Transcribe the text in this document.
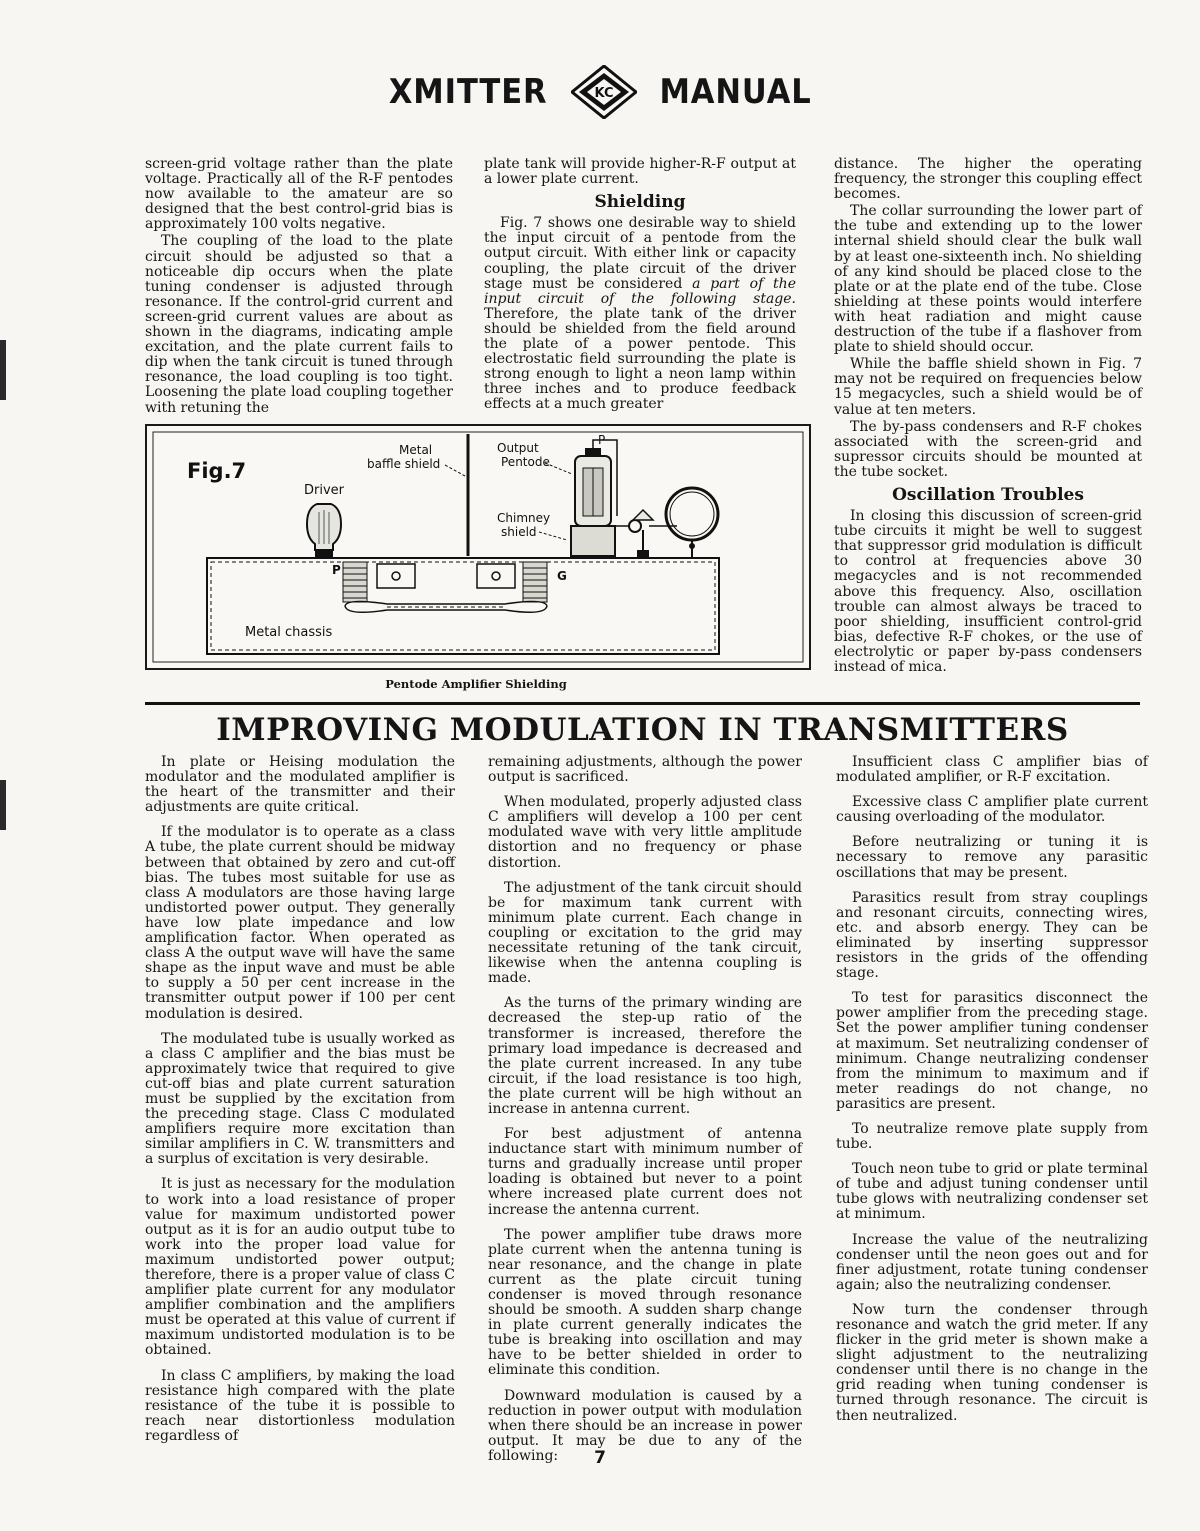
XMITTER	KC MANUAL

screen-grid voltage rather than the plate voltage. Practically all of the R-F pentodes now available to the amateur are so designed that the best control-grid bias is approximately 100 volts negative.

The coupling of the load to the plate circuit should be adjusted so that a noticeable dip occurs when the plate tuning condenser is adjusted through resonance. If the control-grid current and screen-grid current values are about as shown in the diagrams, indicating ample excitation, and the plate current fails to dip when the tank circuit is tuned through resonance, the load coupling is too tight. Loosening the plate load coupling together with retuning the

plate tank will provide higher-R-F output at a lower plate current.

Shielding

Fig. 7 shows one desirable way to shield the input circuit of a pentode from the output circuit. With either link or capacity coupling, the plate circuit of the driver stage must be considered a part of the input circuit of the following stage. Therefore, the plate tank of the driver should be shielded from the field around the plate of a power pentode. This electrostatic field surrounding the plate is strong enough to light a neon lamp within three inches and to produce feedback effects at a much greater

distance. The higher the operating frequency, the stronger this coupling effect becomes.

The collar surrounding the lower part of the tube and extending up to the lower internal shield should clear the bulk wall by at least one-sixteenth inch. No shielding of any kind should be placed close to the plate or at the plate end of the tube. Close shielding at these points would interfere with heat radiation and might cause destruction of the tube if a flashover from plate to shield should occur.

While the baffle shield shown in Fig. 7 may not be required on frequencies below 15 megacycles, such a shield would be of value at ten meters.

The by-pass condensers and R-F chokes associated with the screen-grid and supressor circuits should be mounted at the tube socket.

Oscillation Troubles

In closing this discussion of screen-grid tube circuits it might be well to suggest that suppressor grid modulation is difficult to control at frequencies above 30 megacycles and is not recommended above this frequency. Also, oscillation trouble can almost always be traced to poor shielding, insufficient control-grid bias, defective R-F chokes, or the use of electrolytic or paper by-pass condensers instead of mica.

Fig.7
Metal
baffle shield
Driver
Metal chassis
P	G
Output
Pentode
P
Chimney
shield
Pentode Amplifier Shielding
IMPROVING MODULATION IN TRANSMITTERS

In plate or Heising modulation the modulator and the modulated amplifier is the heart of the transmitter and their adjustments are quite critical.

If the modulator is to operate as a class A tube, the plate current should be midway between that obtained by zero and cut-off bias. The tubes most suitable for use as class A modulators are those having large undistorted power output. They generally have low plate impedance and low amplification factor. When operated as class A the output wave will have the same shape as the input wave and must be able to supply a 50 per cent increase in the transmitter output power if 100 per cent modulation is desired.

The modulated tube is usually worked as a class C amplifier and the bias must be approximately twice that required to give cut-off bias and plate current saturation must be supplied by the excitation from the preceding stage. Class C modulated amplifiers require more excitation than similar amplifiers in C. W. transmitters and a surplus of excitation is very desirable.

It is just as necessary for the modulation to work into a load resistance of proper value for maximum undistorted power output as it is for an audio output tube to work into the proper load value for maximum undistorted power output; therefore, there is a proper value of class C amplifier plate current for any modulator amplifier combination and the amplifiers must be operated at this value of current if maximum undistorted modulation is to be obtained.

In class C amplifiers, by making the load resistance high compared with the plate resistance of the tube it is possible to reach near distortionless modulation regardless of

remaining adjustments, although the power output is sacrificed.

When modulated, properly adjusted class C amplifiers will develop a 100 per cent modulated wave with very little amplitude distortion and no frequency or phase distortion.

The adjustment of the tank circuit should be for maximum tank current with minimum plate current. Each change in coupling or excitation to the grid may necessitate retuning of the tank circuit, likewise when the antenna coupling is made.

As the turns of the primary winding are decreased the step-up ratio of the transformer is increased, therefore the primary load impedance is decreased and the plate current increased. In any tube circuit, if the load resistance is too high, the plate current will be high without an increase in antenna current.

For best adjustment of antenna inductance start with minimum number of turns and gradually increase until proper loading is obtained but never to a point where increased plate current does not increase the antenna current.

The power amplifier tube draws more plate current when the antenna tuning is near resonance, and the change in plate current as the plate circuit tuning condenser is moved through resonance should be smooth. A sudden sharp change in plate current generally indicates the tube is breaking into oscillation and may have to be better shielded in order to eliminate this condition.

Downward modulation is caused by a reduction in power output with modulation when there should be an increase in power output. It may be due to any of the following:

Insufficient class C amplifier bias of modulated amplifier, or R-F excitation.

Excessive class C amplifier plate current causing overloading of the modulator.

Before neutralizing or tuning it is necessary to remove any parasitic oscillations that may be present.

Parasitics result from stray couplings and resonant circuits, connecting wires, etc. and absorb energy. They can be eliminated by inserting suppressor resistors in the grids of the offending stage.

To test for parasitics disconnect the power amplifier from the preceding stage. Set the power amplifier tuning condenser at maximum. Set neutralizing condenser of minimum. Change neutralizing condenser from the minimum to maximum and if meter readings do not change, no parasitics are present.

To neutralize remove plate supply from tube.

Touch neon tube to grid or plate terminal of tube and adjust tuning condenser until tube glows with neutralizing condenser set at minimum.

Increase the value of the neutralizing condenser until the neon goes out and for finer adjustment, rotate tuning condenser again; also the neutralizing condenser.

Now turn the condenser through resonance and watch the grid meter. If any flicker in the grid meter is shown make a slight adjustment to the neutralizing condenser until there is no change in the grid reading when tuning condenser is turned through resonance. The circuit is then neutralized.

7
